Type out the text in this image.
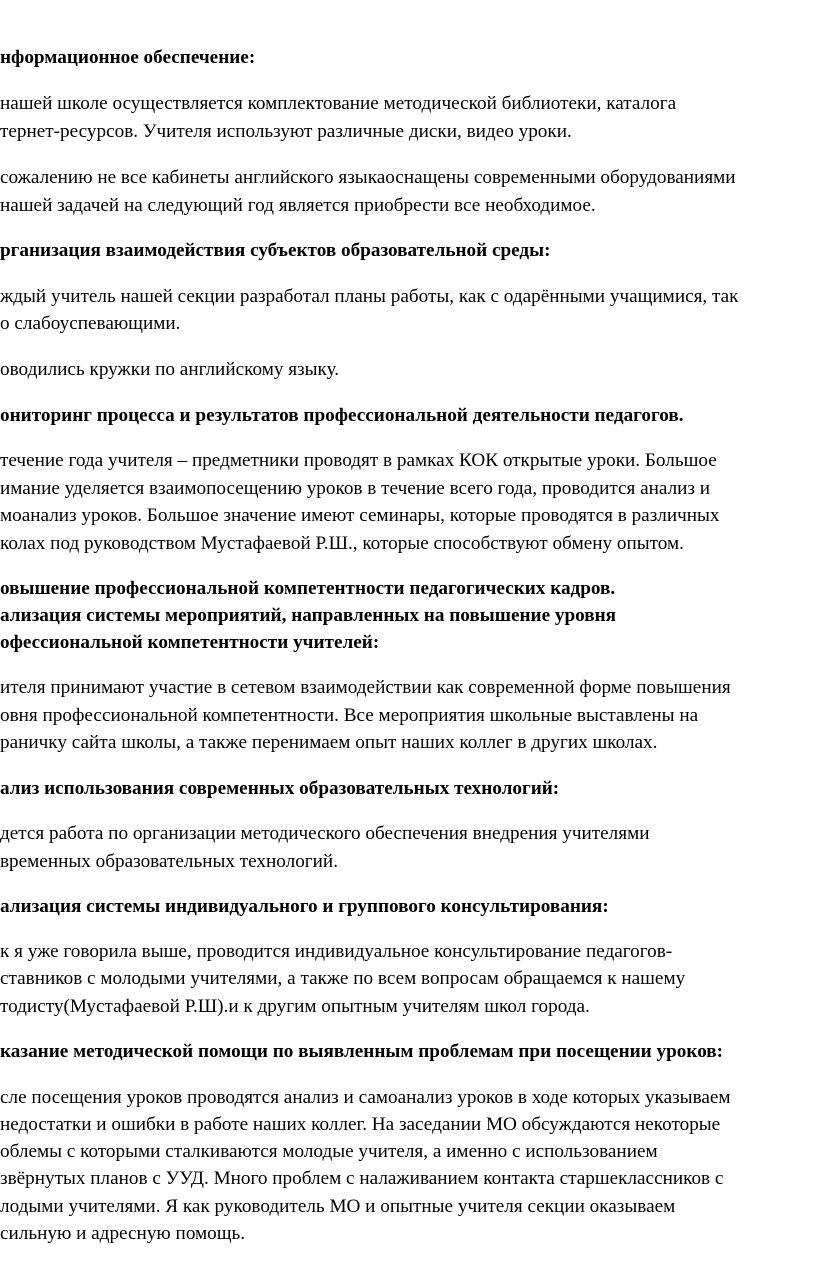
нформационное обеспечение:
нашей школе осуществляется комплектование методической библиотеки, каталога
тернет-ресурсов. Учителя используют различные диски, видео уроки.
сожалению не все кабинеты английского языкаоснащены современными оборудованиями
нашей задачей на следующий год является приобрести все необходимое.
рганизация взаимодействия субъектов образовательной среды:
ждый учитель нашей секции разработал планы работы, как с одарёнными учащимися, так
о слабоуспевающими.
оводились кружки по английскому языку.
ониторинг процесса и результатов профессиональной деятельности педагогов.
течение года учителя – предметники проводят в рамках КОК открытые уроки. Большое
имание уделяется взаимопосещению уроков в течение всего года, проводится анализ и
моанализ уроков. Большое значение имеют семинары, которые проводятся в различных
колах под руководством Мустафаевой Р.Ш., которые способствуют обмену опытом.
овышение профессиональной компетентности педагогических кадров.
ализация системы мероприятий, направленных на повышение уровня
офессиональной компетентности учителей:
ителя принимают участие в сетевом взаимодействии как современной форме повышения
овня профессиональной компетентности. Все мероприятия школьные выставлены на
раничку сайта школы, а также перенимаем опыт наших коллег в других школах.
ализ использования современных образовательных технологий:
дется работа по организации методического обеспечения внедрения учителями
временных образовательных технологий.
ализация системы индивидуального и группового консультирования:
к я уже говорила выше, проводится индивидуальное консультирование педагогов-
ставников с молодыми учителями, а также по всем вопросам обращаемся к нашему
тодисту(Мустафаевой Р.Ш).и к другим опытным учителям школ города.
казание методической помощи по выявленным проблемам при посещении уроков:
сле посещения уроков проводятся анализ и самоанализ уроков в ходе которых указываем
недостатки и ошибки в работе наших коллег. На заседании МО обсуждаются некоторые
облемы с которыми сталкиваются молодые учителя, а именно с использованием
звёрнутых планов с УУД. Много проблем с налаживанием контакта старшеклассников с
лодыми учителями. Я как руководитель МО и опытные учителя секции оказываем
сильную и адресную помощь.
